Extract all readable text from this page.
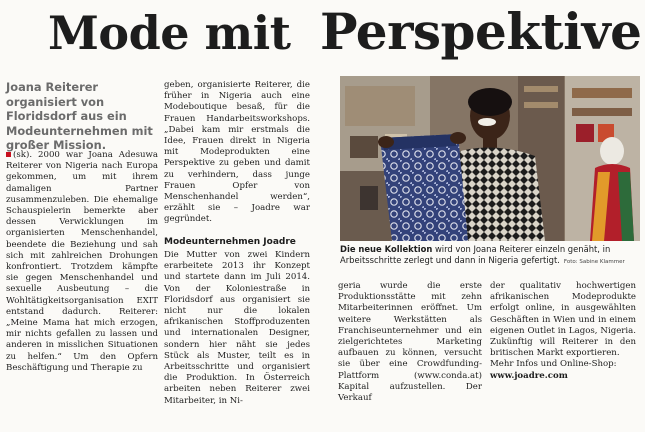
Mode mit Perspektive
Joana Reiterer organisiert von Floridsdorf aus ein Modeunternehmen mit großer Mission.
(sk). 2000 war Joana Adesuwa Reiterer von Nigeria nach Europa gekommen, um mit ihrem damaligen Partner zusammenzuleben. Die ehemalige Schauspielerin bemerkte aber dessen Verwicklungen im organisierten Menschenhandel, beendete die Beziehung und sah sich mit zahlreichen Drohungen konfrontiert. Trotzdem kämpfte sie gegen Menschenhandel und sexuelle Ausbeutung – die Wohltätigkeitsorganisation EXIT entstand dadurch. Reiterer: „Meine Mama hat mich erzogen, mir nichts gefallen zu lassen und anderen in misslichen Situationen zu helfen.“ Um den Opfern Beschäftigung und Therapie zu
geben, organisierte Reiterer, die früher in Nigeria auch eine Modeboutique besaß, für die Frauen Handarbeitsworkshops. „Dabei kam mir erstmals die Idee, Frauen direkt in Nigeria mit Modeprodukten eine Perspektive zu geben und damit zu verhindern, dass junge Frauen Opfer von Menschenhandel werden“, erzählt sie – Joadre war gegründet.
Modeunternehmen Joadre
Die Mutter von zwei Kindern erarbeitete 2013 ihr Konzept und startete dann im Juli 2014. Von der Koloniestraße in Floridsdorf aus organisiert sie nicht nur die lokalen afrikanischen Stoffproduzenten und internationalen Designer, sondern hier näht sie jedes Stück als Muster, teilt es in Arbeitsschritte und organisiert die Produktion. In Österreich arbeiten neben Reiterer zwei Mitarbeiter, in Ni-
Die neue Kollektion wird von Joana Reiterer einzeln genäht, in Arbeitsschritte zerlegt und dann in Nigeria gefertigt. Foto: Sabine Klammer
geria wurde die erste Produktionsstätte mit zehn Mitarbeiterinnen eröffnet. Um weitere Werkstätten als Franchiseunternehmer und ein zielgerichtetes Marketing aufbauen zu können, versucht sie über eine Crowdfunding-Plattform (www.conda.at) Kapital aufzustellen. Der Verkauf
der qualitativ hochwertigen afrikanischen Modeprodukte erfolgt online, in ausgewählten Geschäften in Wien und in einem eigenen Outlet in Lagos, Nigeria. Zukünftig will Reiterer in den britischen Markt exportieren.
Mehr Infos und Online-Shop:
www.joadre.com
